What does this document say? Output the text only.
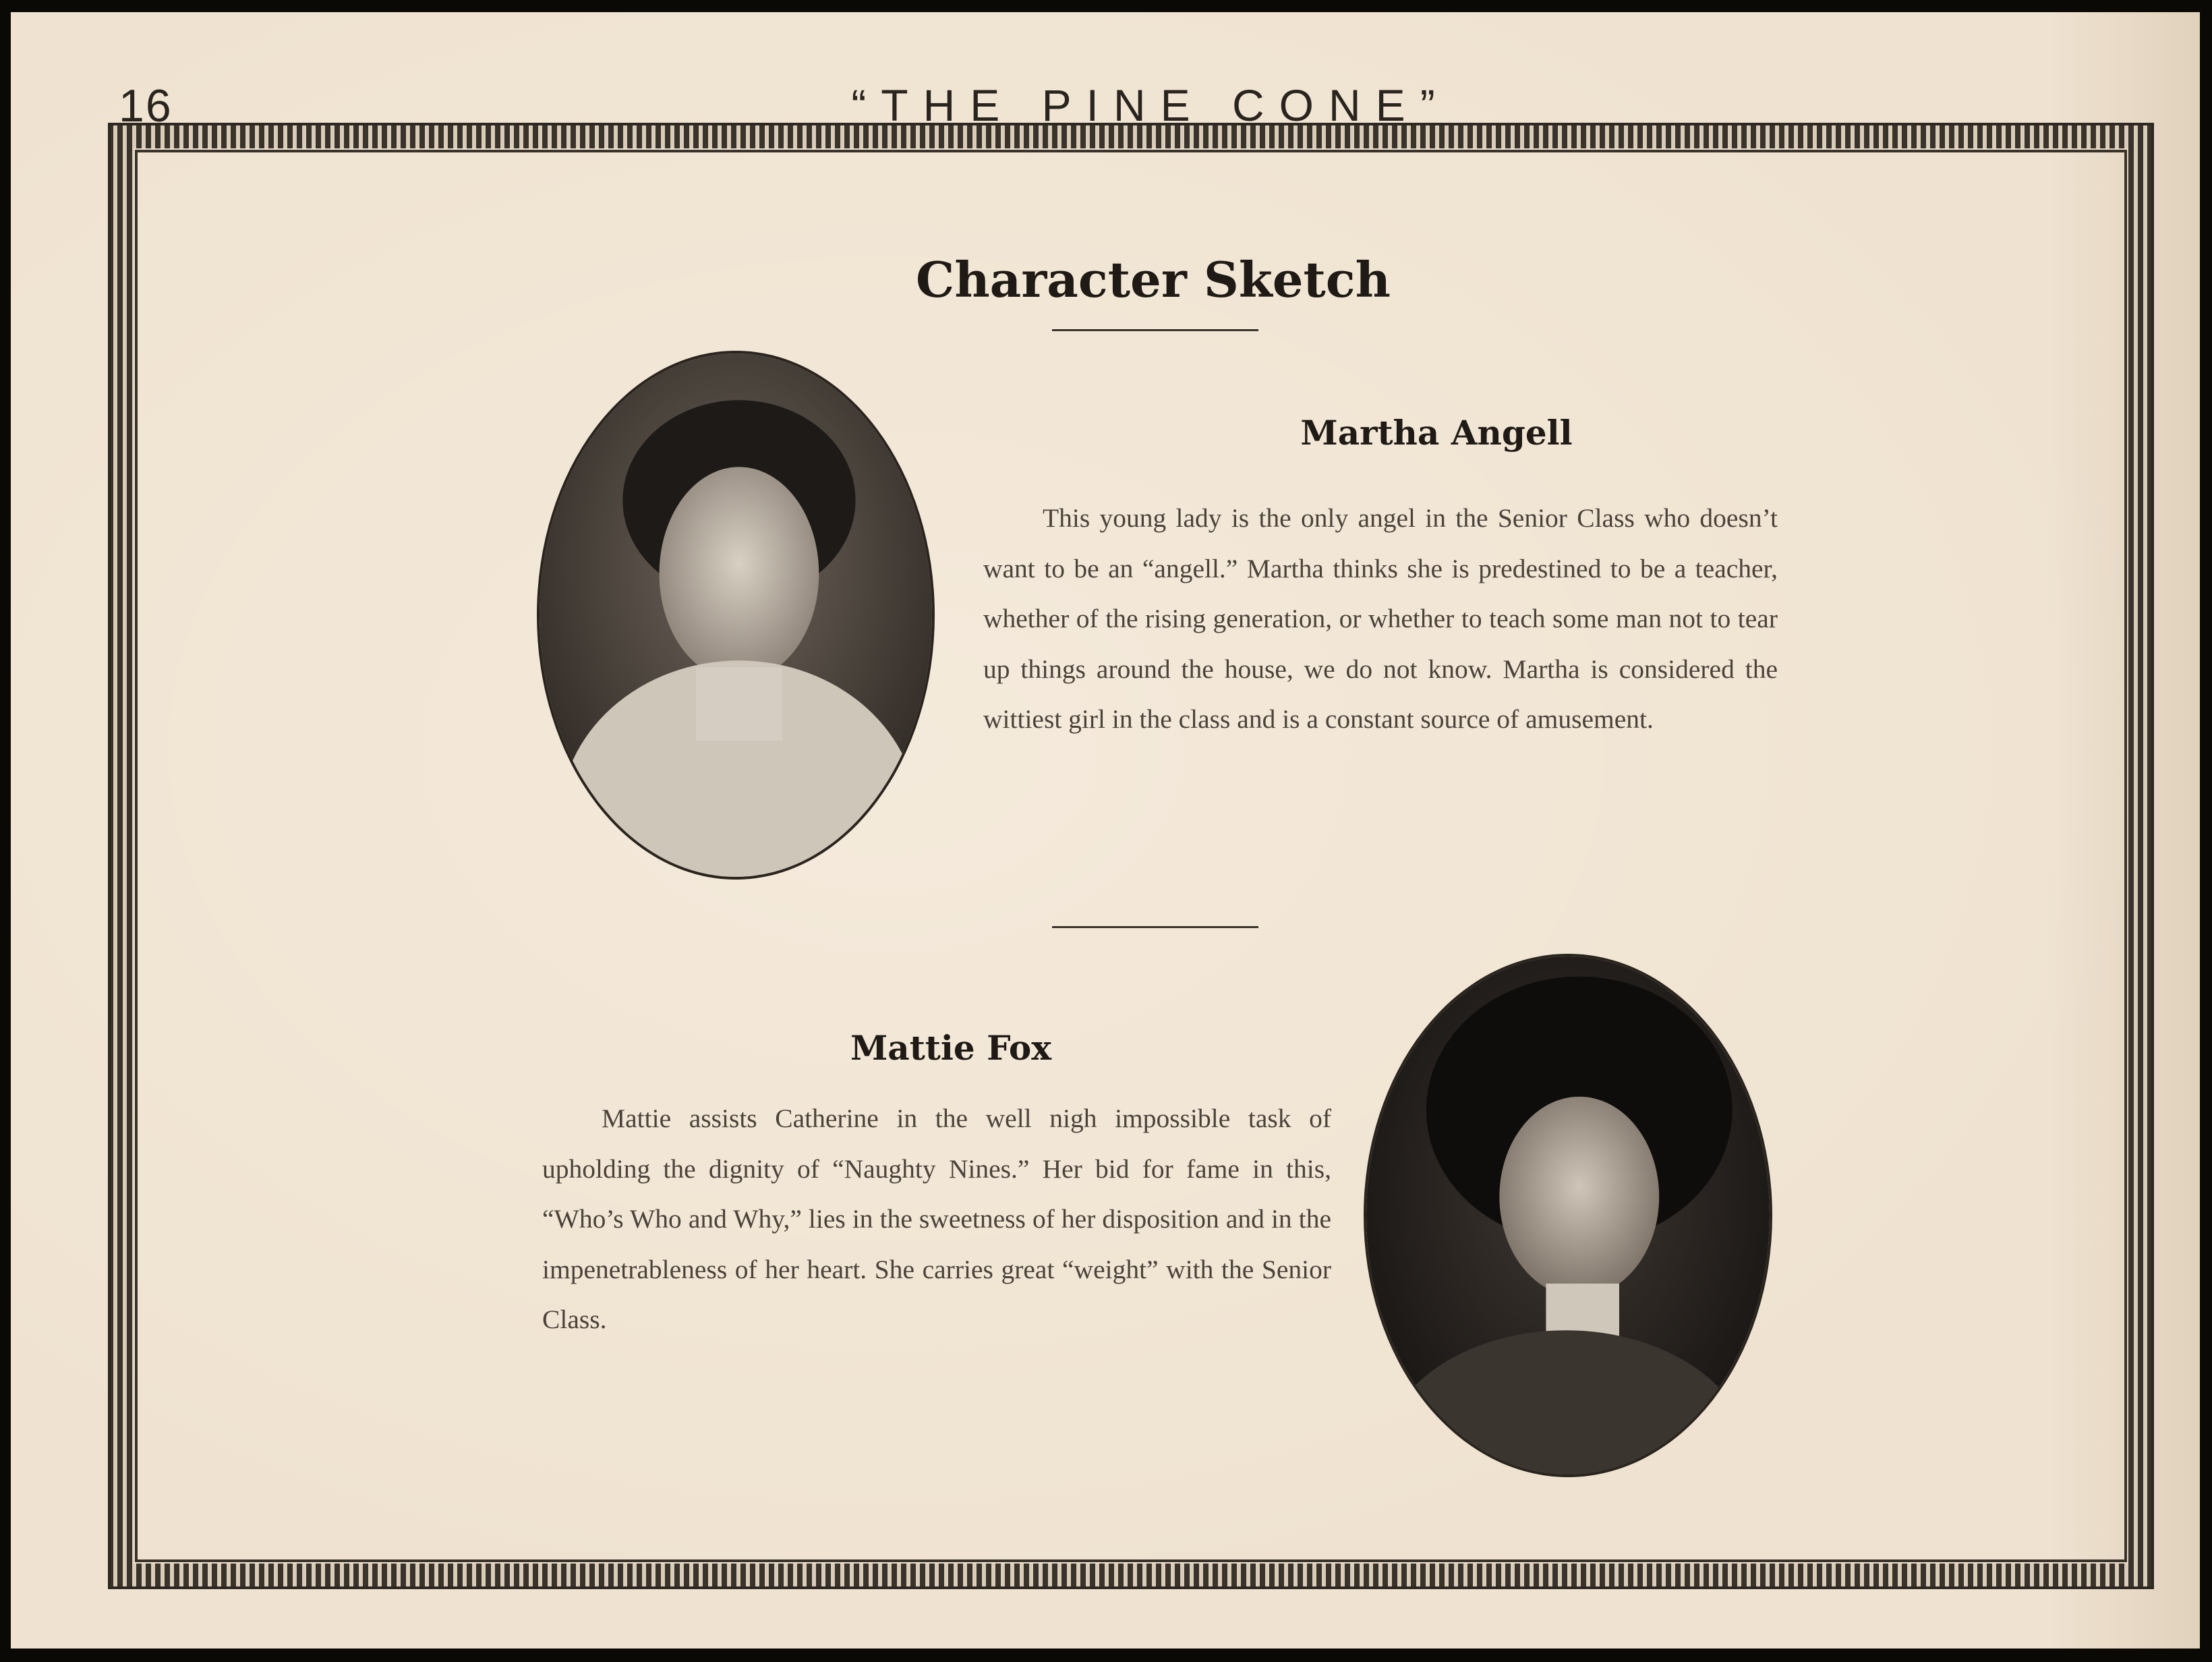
16	“THE PINE CONE”
Character Sketch
Martha Angell
This young lady is the only angel in the Senior Class who doesn’t want to be an “angell.” Martha thinks she is predestined to be a teacher, whether of the rising generation, or whether to teach some man not to tear up things around the house, we do not know. Martha is considered the wittiest girl in the class and is a constant source of amusement.
Mattie Fox
Mattie assists Catherine in the well nigh impossible task of upholding the dignity of “Naughty Nines.” Her bid for fame in this, “Who’s Who and Why,” lies in the sweetness of her disposition and in the impenetrableness of her heart. She carries great “weight” with the Senior Class.
